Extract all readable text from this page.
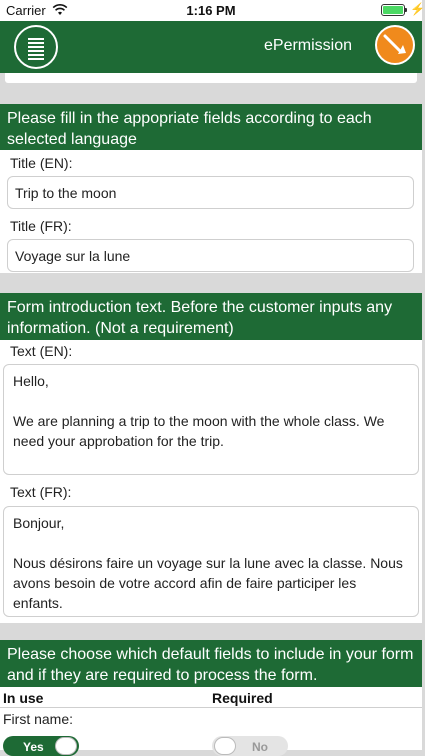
Carrier	1:16 PM	⚡
ePermission
Please fill in the appopriate fields according to each selected language
Title (EN):
Trip to the moon
Title (FR):
Voyage sur la lune
Form introduction text. Before the customer inputs any information. (Not a requirement)
Text (EN):
Hello,

We are planning a trip to the moon with the whole class. We need your approbation for the trip.
Text (FR):
Bonjour,

Nous désirons faire un voyage sur la lune avec la classe. Nous avons besoin de votre accord afin de faire participer les enfants.
Please choose which default fields to include in your form and if they are required to process the form.
In use	Required
First name:
Yes	No
